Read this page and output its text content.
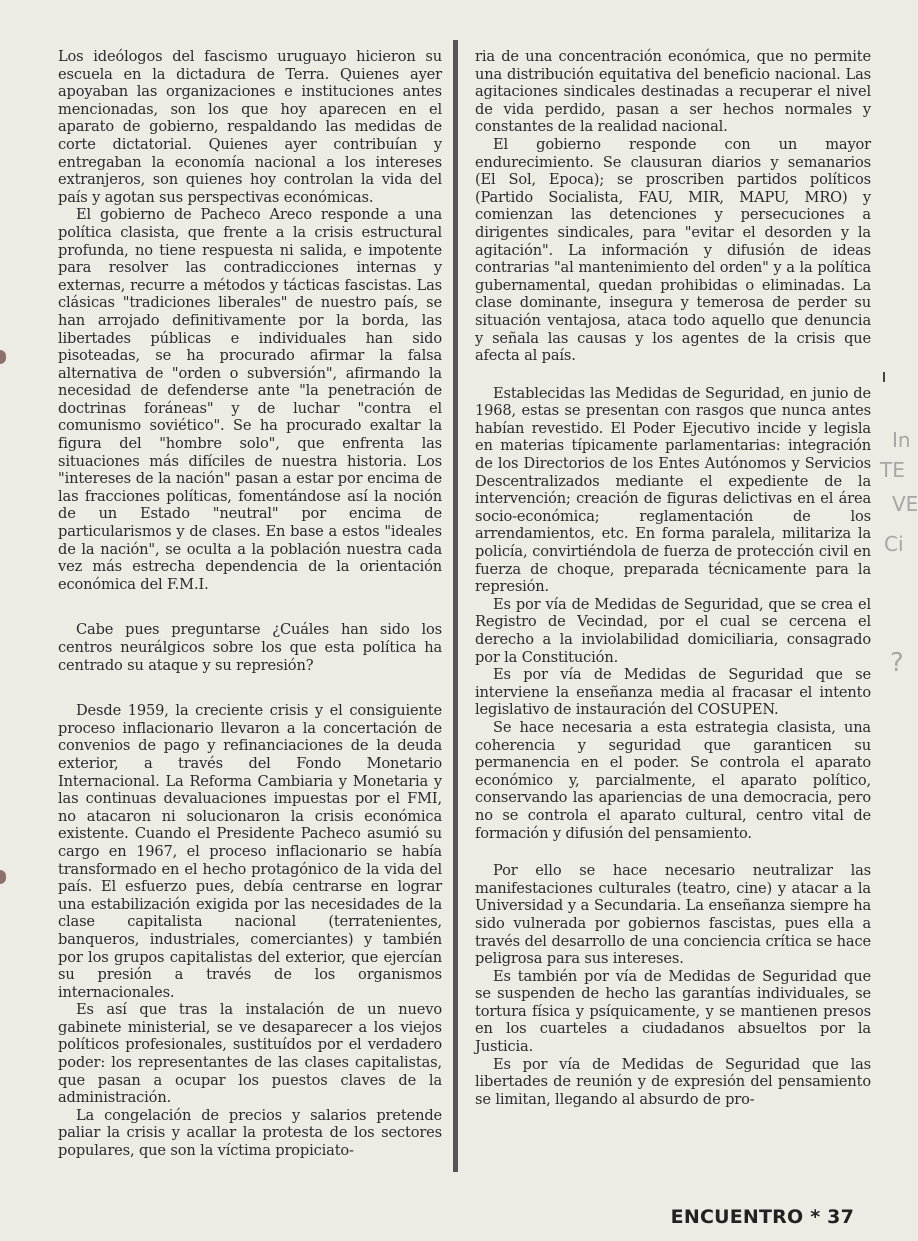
Los ideólogos del fascismo uruguayo hicieron su escuela en la dictadura de Terra. Quienes ayer apoyaban las organizaciones e instituciones antes mencionadas, son los que hoy aparecen en el aparato de gobierno, respaldando las medidas de corte dictatorial. Quienes ayer contribuían y entregaban la economía nacional a los intereses extranjeros, son quienes hoy controlan la vida del país y agotan sus perspectivas económicas.

El gobierno de Pacheco Areco responde a una política clasista, que frente a la crisis estructural profunda, no tiene respuesta ni salida, e impotente para resolver las contradicciones internas y externas, recurre a métodos y tácticas fascistas. Las clásicas "tradiciones liberales" de nuestro país, se han arrojado definitivamente por la borda, las libertades públicas e individuales han sido pisoteadas, se ha procurado afirmar la falsa alternativa de "orden o subversión", afirmando la necesidad de defenderse ante "la penetración de doctrinas foráneas" y de luchar "contra el comunismo soviético". Se ha procurado exaltar la figura del "hombre solo", que enfrenta las situaciones más difíciles de nuestra historia. Los "intereses de la nación" pasan a estar por encima de las fracciones políticas, fomentándose así la noción de un Estado "neutral" por encima de particularismos y de clases. En base a estos "ideales de la nación", se oculta a la población nuestra cada vez más estrecha dependencia de la orientación económica del F.M.I.

Cabe pues preguntarse ¿Cuáles han sido los centros neurálgicos sobre los que esta política ha centrado su ataque y su represión?

Desde 1959, la creciente crisis y el consiguiente proceso inflacionario llevaron a la concertación de convenios de pago y refinanciaciones de la deuda exterior, a través del Fondo Monetario Internacional. La Reforma Cambiaria y Monetaria y las continuas devaluaciones impuestas por el FMI, no atacaron ni solucionaron la crisis económica existente. Cuando el Presidente Pacheco asumió su cargo en 1967, el proceso inflacionario se había transformado en el hecho protagónico de la vida del país. El esfuerzo pues, debía centrarse en lograr una estabilización exigida por las necesidades de la clase capitalista nacional (terratenientes, banqueros, industriales, comerciantes) y también por los grupos capitalistas del exterior, que ejercían su presión a través de los organismos internacionales.

Es así que tras la instalación de un nuevo gabinete ministerial, se ve desaparecer a los viejos políticos profesionales, sustituídos por el verdadero poder: los representantes de las clases capitalistas, que pasan a ocupar los puestos claves de la administración.

La congelación de precios y salarios pretende paliar la crisis y acallar la protesta de los sectores populares, que son la víctima propiciato-

ria de una concentración económica, que no permite una distribución equitativa del beneficio nacional. Las agitaciones sindicales destinadas a recuperar el nivel de vida perdido, pasan a ser hechos normales y constantes de la realidad nacional.

El gobierno responde con un mayor endurecimiento. Se clausuran diarios y semanarios (El Sol, Epoca); se proscriben partidos políticos (Partido Socialista, FAU, MIR, MAPU, MRO) y comienzan las detenciones y persecuciones a dirigentes sindicales, para "evitar el desorden y la agitación". La información y difusión de ideas contrarias "al mantenimiento del orden" y a la política gubernamental, quedan prohibidas o eliminadas. La clase dominante, insegura y temerosa de perder su situación ventajosa, ataca todo aquello que denuncia y señala las causas y los agentes de la crisis que afecta al país.

Establecidas las Medidas de Seguridad, en junio de 1968, estas se presentan con rasgos que nunca antes habían revestido. El Poder Ejecutivo incide y legisla en materias típicamente parlamentarias: integración de los Directorios de los Entes Autónomos y Servicios Descentralizados mediante el expediente de la intervención; creación de figuras delictivas en el área socio-económica; reglamentación de los arrendamientos, etc. En forma paralela, militariza la policía, convirtiéndola de fuerza de protección civil en fuerza de choque, preparada técnicamente para la represión.

Es por vía de Medidas de Seguridad, que se crea el Registro de Vecindad, por el cual se cercena el derecho a la inviolabilidad domiciliaria, consagrado por la Constitución.

Es por vía de Medidas de Seguridad que se interviene la enseñanza media al fracasar el intento legislativo de instauración del COSUPEN.

Se hace necesaria a esta estrategia clasista, una coherencia y seguridad que garanticen su permanencia en el poder. Se controla el aparato económico y, parcialmente, el aparato político, conservando las apariencias de una democracia, pero no se controla el aparato cultural, centro vital de formación y difusión del pensamiento.

Por ello se hace necesario neutralizar las manifestaciones culturales (teatro, cine) y atacar a la Universidad y a Secundaria. La enseñanza siempre ha sido vulnerada por gobiernos fascistas, pues ella a través del desarrollo de una conciencia crítica se hace peligrosa para sus intereses.

Es también por vía de Medidas de Seguridad que se suspenden de hecho las garantías individuales, se tortura física y psíquicamente, y se mantienen presos en los cuarteles a ciudadanos absueltos por la Justicia.

Es por vía de Medidas de Seguridad que las libertades de reunión y de expresión del pensamiento se limitan, llegando al absurdo de pro-

In
TE
VE
Ci
?
ENCUENTRO * 37
